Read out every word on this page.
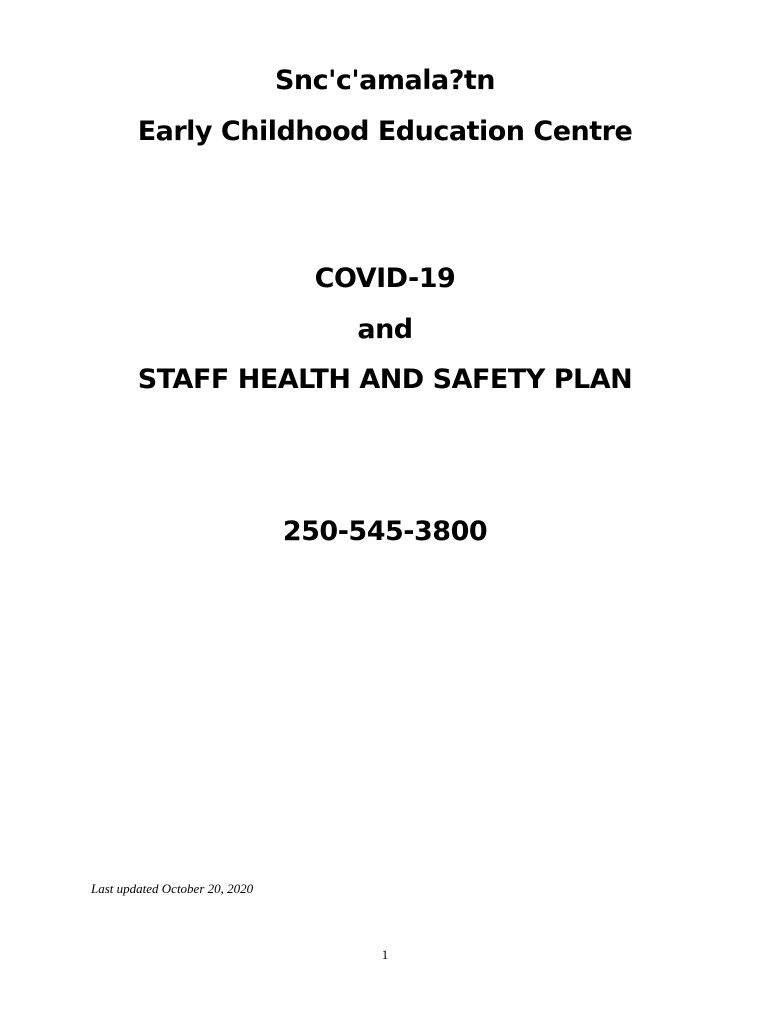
Snc'c'amala?tn
Early Childhood Education Centre
COVID-19
and
STAFF HEALTH AND SAFETY PLAN
250-545-3800
Last updated October 20, 2020
1
